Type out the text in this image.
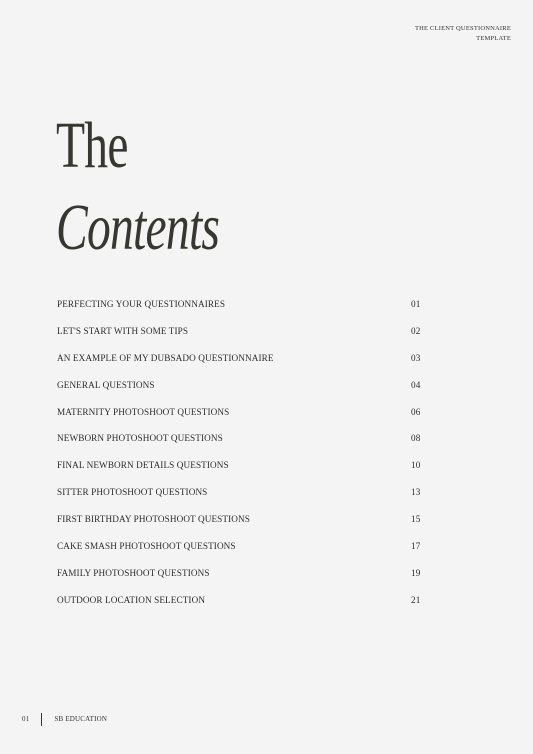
THE CLIENT QUESTIONNAIRE
TEMPLATE
The
Contents
PERFECTING YOUR QUESTIONNAIRES	01
LET'S START WITH SOME TIPS	02
AN EXAMPLE OF MY DUBSADO QUESTIONNAIRE	03
GENERAL QUESTIONS	04
MATERNITY PHOTOSHOOT QUESTIONS	06
NEWBORN PHOTOSHOOT QUESTIONS	08
FINAL NEWBORN DETAILS QUESTIONS	10
SITTER PHOTOSHOOT QUESTIONS	13
FIRST BIRTHDAY PHOTOSHOOT QUESTIONS	15
CAKE SMASH PHOTOSHOOT QUESTIONS	17
FAMILY PHOTOSHOOT QUESTIONS	19
OUTDOOR LOCATION SELECTION	21
01	SB EDUCATION
